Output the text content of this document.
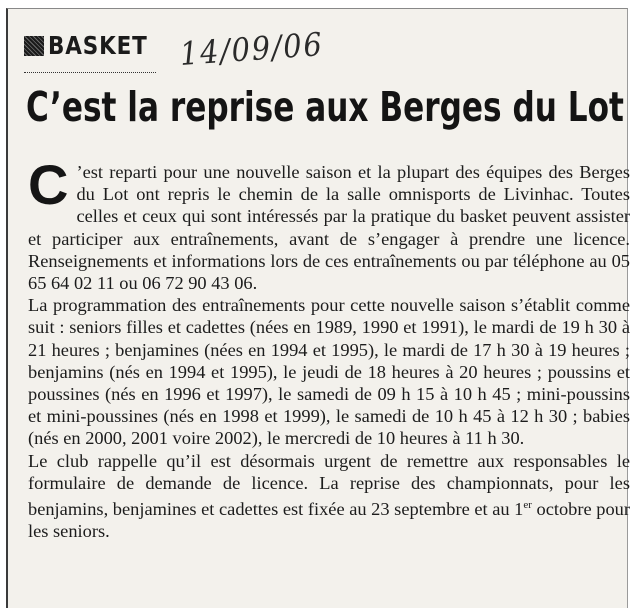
BASKET 14/09/06
C’est la reprise aux Berges du Lot

C ’est reparti pour une nouvelle saison et la plupart des équipes des Berges du Lot ont repris le chemin de la salle omnisports de Livinhac. Toutes celles et ceux qui sont intéressés par la pratique du basket peuvent assister et participer aux entraînements, avant de s’engager à prendre une licence. Renseignements et informations lors de ces entraînements ou par téléphone au 05 65 64 02 11 ou 06 72 90 43 06.

La programmation des entraînements pour cette nouvelle saison s’établit comme suit : seniors filles et cadettes (nées en 1989, 1990 et 1991), le mardi de 19 h 30 à 21 heures ; benjamines (nées en 1994 et 1995), le mardi de 17 h 30 à 19 heures ; benjamins (nés en 1994 et 1995), le jeudi de 18 heures à 20 heures ; poussins et poussines (nés en 1996 et 1997), le samedi de 09 h 15 à 10 h 45 ; mini-poussins et mini-poussines (nés en 1998 et 1999), le samedi de 10 h 45 à 12 h 30 ; babies (nés en 2000, 2001 voire 2002), le mercredi de 10 heures à 11 h 30.

Le club rappelle qu’il est désormais urgent de remettre aux responsables le formulaire de demande de licence. La reprise des championnats, pour les benjamins, benjamines et cadettes est fixée au 23 septembre et au 1er octobre pour les seniors.
